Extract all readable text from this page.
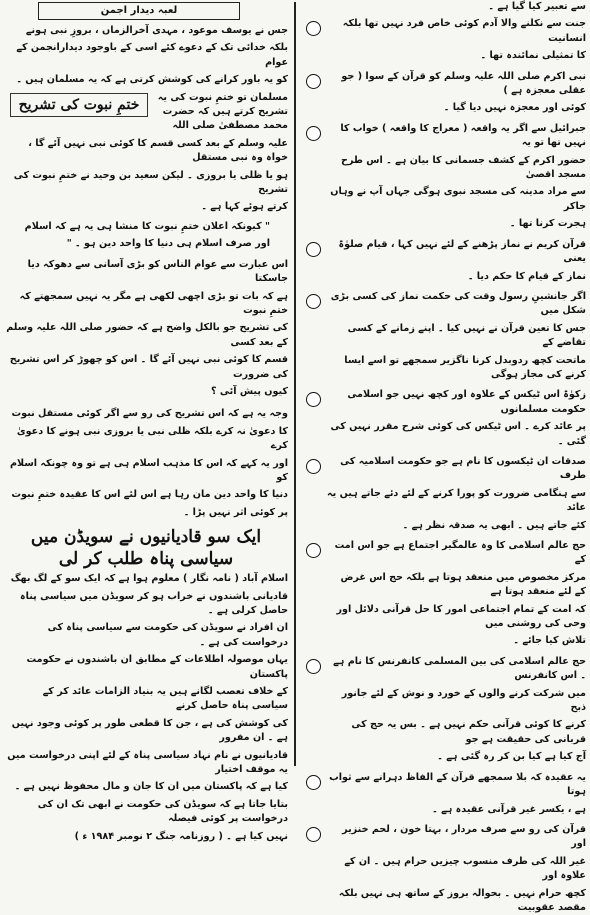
لعبہ دیدار اجمن

جس نے یوسف موعود ، مہدی آخرالزماں ، بروزِ نبی ہونے

بلکہ خدائی تک کے دعوے کئے اسی کے باوجود دیدارانجمن کے عوام

کو یہ باور کرانے کی کوشش کرتی ہے کہ یہ مسلمان ہیں ۔

ختمِ نبوت کی تشریح	مسلمان تو ختمِ نبوت کی یہ تشریح کرتے ہیں کہ حضرت محمد مصطفیٰ صلی اللہ

علیہ وسلم کے بعد کسی قسم کا کوئی نبی نہیں آئے گا ، خواہ وہ نبی مستقل

ہو یا ظلی یا بروزی ۔ لیکن سعید بن وحید نے ختمِ نبوت کی تشریح

کرتے ہوئے کہا ہے ۔

" کیونکہ اعلان ختمِ نبوت کا منشا ہی یہ ہے کہ اسلام

اور صرف اسلام ہی دنیا کا واحد دین ہو ۔ "

اس عبارت سے عوام الناس کو بڑی آسانی سے دھوکہ دیا جاسکتا

ہے کہ بات تو بڑی اچھی لکھی ہے مگر یہ نہیں سمجھتے کہ ختمِ نبوت

کی تشریح جو بالکل واضح ہے کہ حضور صلی اللہ علیہ وسلم کے بعد کسی

قسم کا کوئی نبی نہیں آئے گا ۔ اس کو چھوڑ کر اس تشریح کی ضرورت

کیوں پیش آئی ؟

وجہ یہ ہے کہ اس تشریح کی رو سے اگر کوئی مستقل نبوت

کا دعویٰ نہ کرے بلکہ ظلی نبی یا بروزی نبی ہونے کا دعویٰ کرے

اور یہ کہے کہ اس کا مذہب اسلام ہی ہے تو وہ چونکہ اسلام کو

دنیا کا واحد دین مان رہا ہے اس لئے اس کا عقیدہ ختمِ نبوت

پر کوئی اثر نہیں پڑا ۔

ایک سو قادیانیوں نے سویڈن میں سیاسی پناہ طلب کر لی

اسلام آباد ( نامہ نگار ) معلوم ہوا ہے کہ ایک سو کے لگ بھگ

قادیانی باشندوں نے خراب ہو کر سویڈن میں سیاسی پناہ حاصل کرلی ہے ۔

ان افراد نے سویڈن کی حکومت سے سیاسی پناہ کی درخواست کی ہے ۔

یہاں موصولہ اطلاعات کے مطابق ان باشندوں نے حکومت پاکستان

کے خلاف تعصب لگانے ہیں یہ بنیاد الزامات عائد کر کے سیاسی پناہ حاصل کرنے

کی کوشش کی ہے ، جن کا قطعی طور پر کوئی وجود نہیں ہے ۔ ان مفرور

قادیانیوں نے نام نہاد سیاسی پناہ کے لئے اپنی درخواست میں یہ موقف اختیار

کیا ہے کہ پاکستان میں ان کا جان و مال محفوظ نہیں ہے ۔

بتایا جاتا ہے کہ سویڈن کی حکومت نے ابھی تک ان کی درخواست پر کوئی فیصلہ

نہیں کیا ہے ۔ ( روزنامہ جنگ ۲ نومبر ۱۹۸۴ ء )

سے تعبیر کیا گیا ہے ۔

جنت سے نکلنے والا آدم کوئی خاص فرد نہیں تھا بلکہ انسانیت

کا تمثیلی نمائندہ تھا ۔

نبی اکرم صلی اللہ علیہ وسلم کو قرآن کے سوا ( جو عقلی معجزہ ہے )

کوئی اور معجزہ نہیں دیا گیا ۔

جبرائیل سے اگر یہ واقعہ ( معراج کا واقعہ ) خواب کا نہیں تھا تو یہ

حضور اکرم کے کشف جسمانی کا بیان ہے ۔ اس طرح مسجد اقصیٰ

سے مراد مدینہ کی مسجد نبوی ہوگی جہاں آپ نے وہاں جاکر

ہجرت کرنا تھا ۔

قرآن کریم نے نماز پڑھنے کے لئے نہیں کہا ، قیام صلوٰۃ یعنی

نماز کے قیام کا حکم دیا ۔

اگر جانشینِ رسول وقت کی حکمت نماز کی کسی بڑی شکل میں

جس کا تعین قرآن نے نہیں کیا ۔ اپنے زمانے کے کسی تقاضے کے

ماتحت کچھ ردوبدل کرنا ناگزیر سمجھے تو اسے ایسا کرنے کی مجاز ہوگی

زکوٰۃ اس ٹیکس کے علاوہ اور کچھ نہیں جو اسلامی حکومت مسلمانوں

پر عائد کرے ۔ اس ٹیکس کی کوئی شرح مقرر نہیں کی گئی ۔

صدقات ان ٹیکسوں کا نام ہے جو حکومت اسلامیہ کی طرف

سے ہنگامی ضرورت کو پورا کرنے کے لئے دئے جاتے ہیں یہ عائد

کئے جاتے ہیں ۔ ابھی یہ صدقہ نظر ہے ۔

حج عالم اسلامی کا وہ عالمگیر اجتماع ہے جو اس امت کے

مرکز مخصوص میں منعقد ہوتا ہے بلکہ حج اس غرض کے لئے منعقد ہوتا ہے

کہ امت کے تمام اجتماعی امور کا حل قرآنی دلائل اور وحی کی روشنی میں

تلاش کیا جائے ۔

حج عالم اسلامی کی بین المسلمی کانفرنس کا نام ہے ۔ اس کانفرنس

میں شرکت کرنے والوں کے خورد و نوش کے لئے جانور ذبح

کرنے کا کوئی قرآنی حکم نہیں ہے ۔ بس یہ حج کی قربانی کی حقیقت ہے جو

آج کیا ہے کیا بن کر رہ گئی ہے ۔

یہ عقیدہ کہ بلا سمجھے قرآن کے الفاظ دہرانے سے ثواب ہوتا

ہے ، یکسر غیر قرآنی عقیدہ ہے ۔

قرآن کی رو سے صرف مردار ، بہتا خون ، لحم خنزیر اور

غیر اللہ کی طرف منسوب چیزیں حرام ہیں ۔ ان کے علاوہ اور

کچھ حرام نہیں ۔ بحوالہ بروز کے ساتھ ہی نہیں بلکہ مقصد عقوبیت
